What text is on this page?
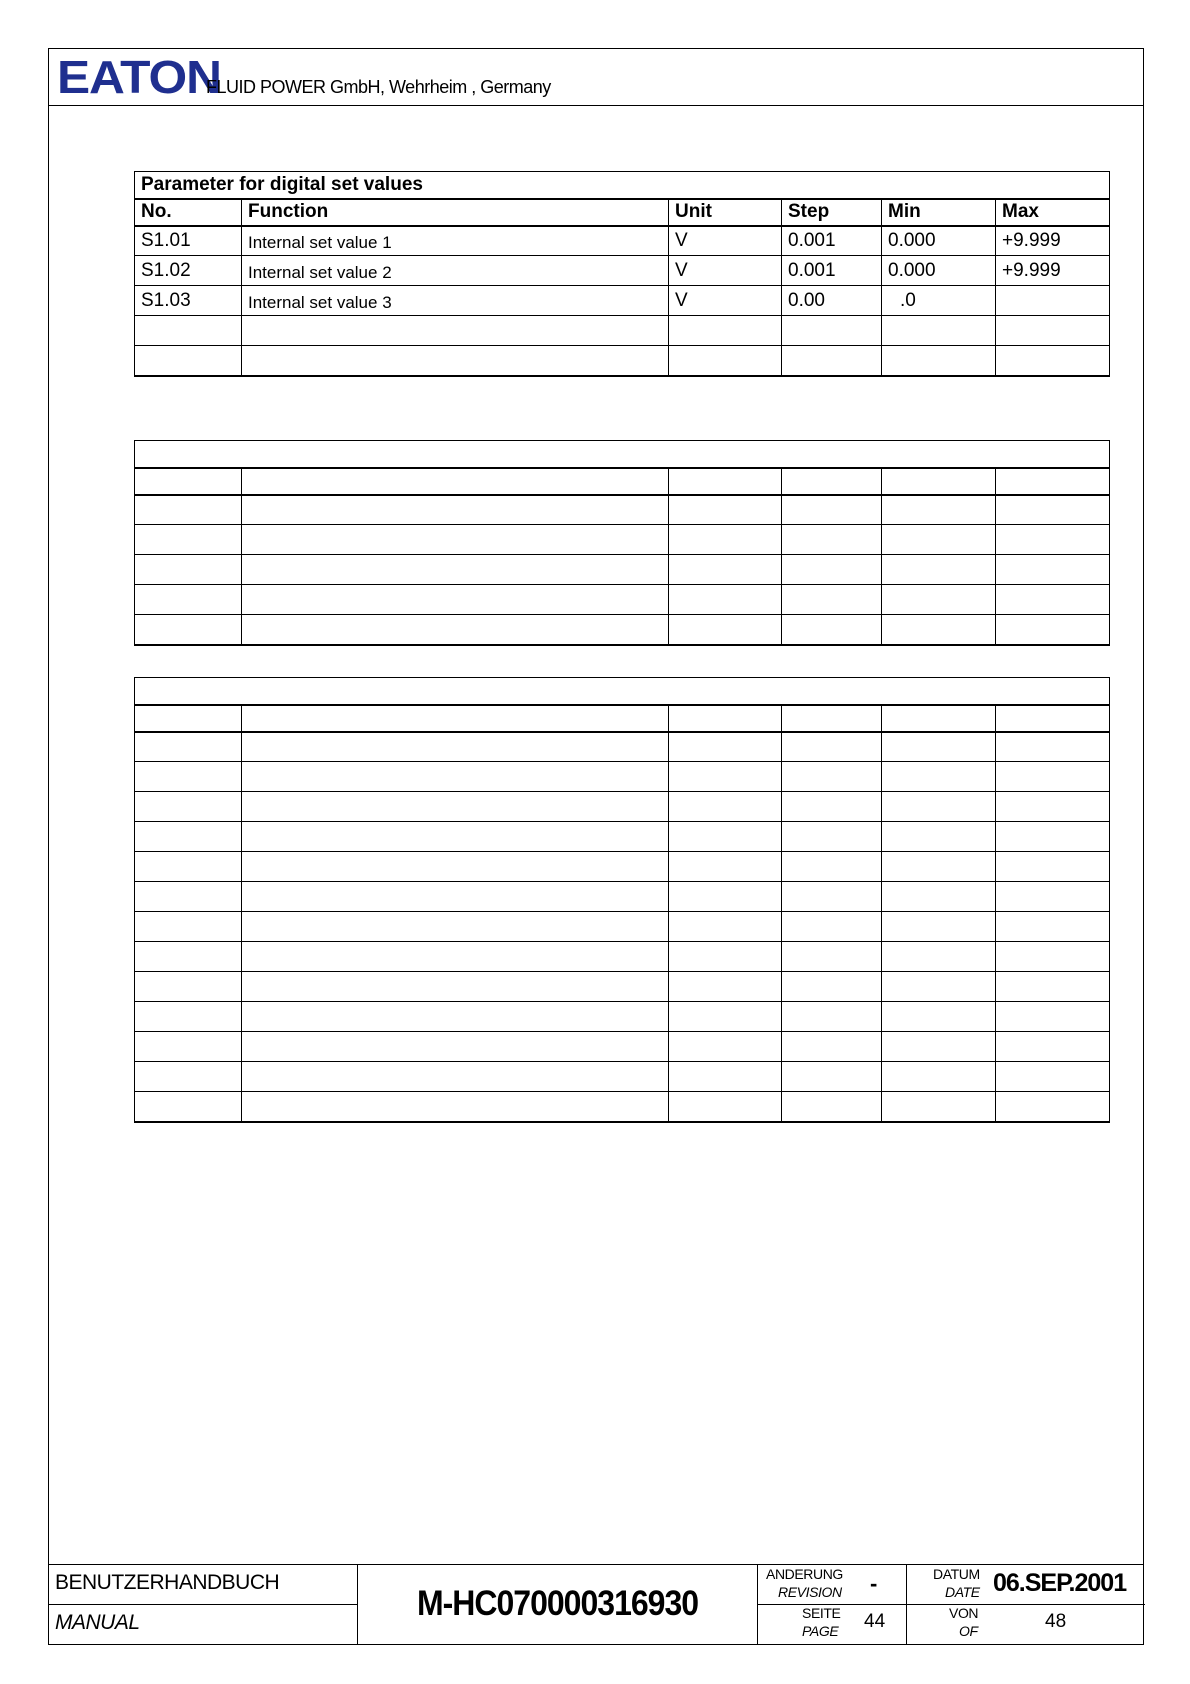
EATON
FLUID POWER GmbH, Wehrheim , Germany
BENUTZERHANDBUCH
MANUAL	M-HC070000316930
ANDERUNG
REVISION -
SEITE
PAGE 44
DATUM
DATE 06.SEP.2001
VON
OF	48
Parameter for digital set values					
No.	Function	Unit	Step	Min	Max
S1.01	Internal set value 1	V	0.001	0.000	+9.999
S1.02	Internal set value 2	V	0.001	0.000	+9.999
S1.03	Internal set value 3	V	0.00	.0	
